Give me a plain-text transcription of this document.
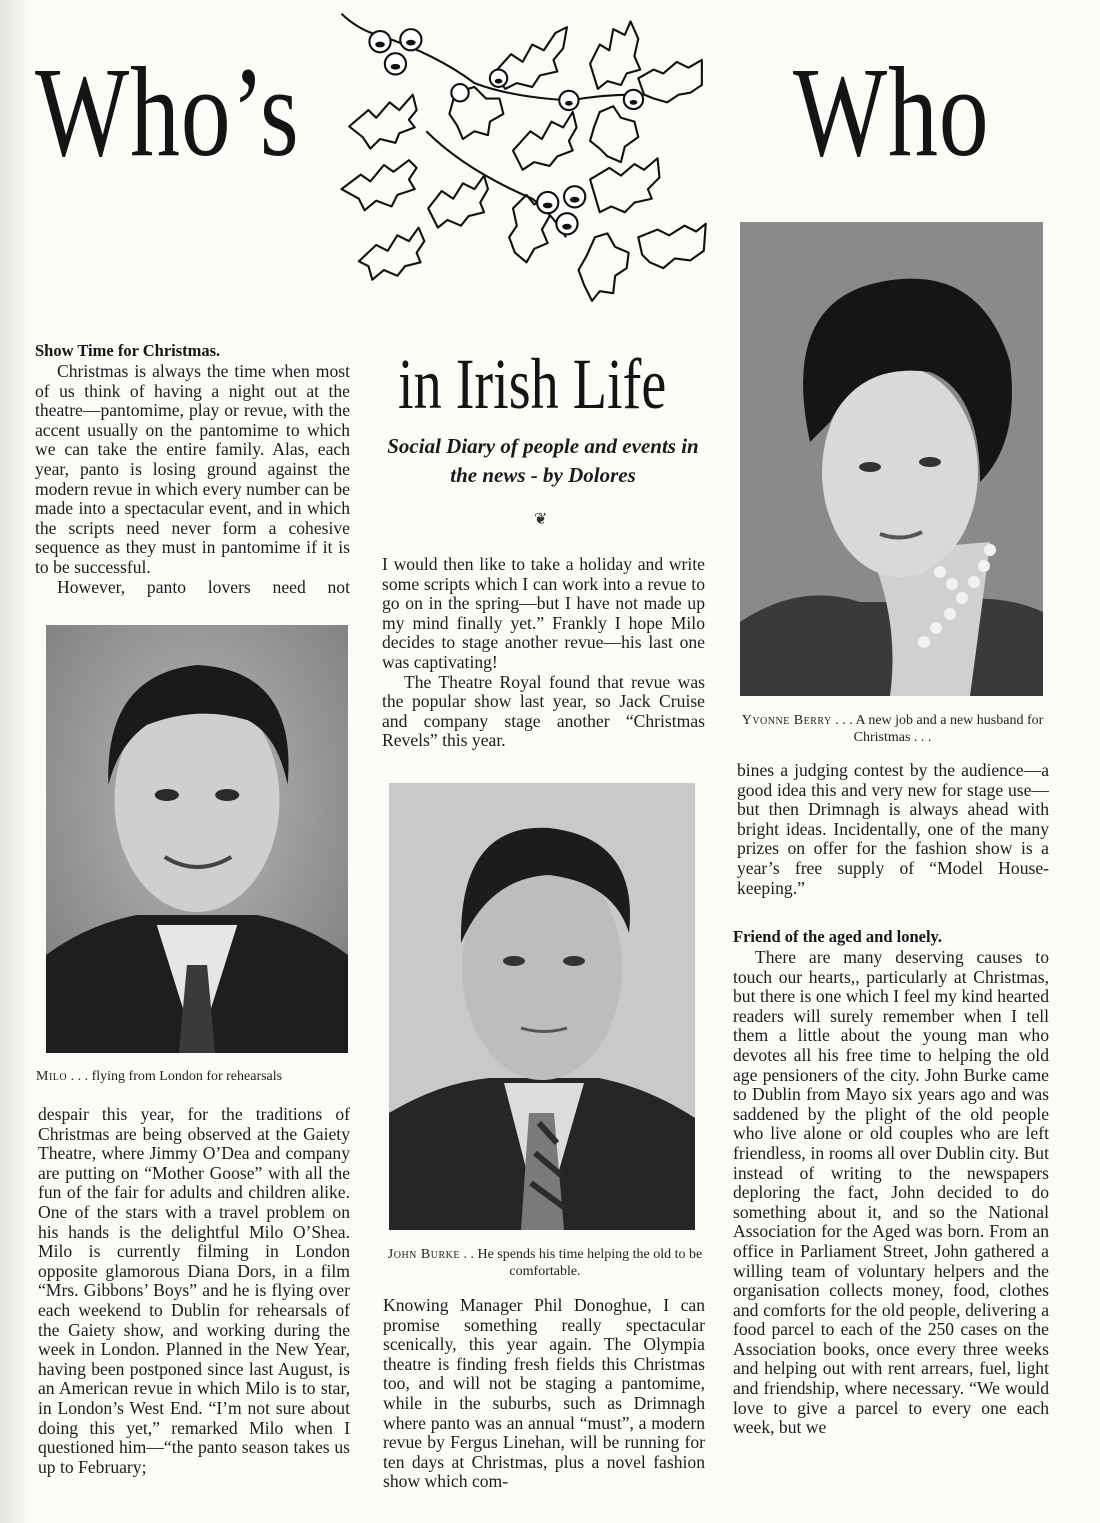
Who’s	Who
in Irish Life
Social Diary of people and events in the news - by Dolores
❦
Show Time for Christmas.

Christmas is always the time when most of us think of having a night out at the theatre—pantomime, play or revue, with the accent usually on the pantomime to which we can take the entire family. Alas, each year, panto is losing ground against the modern revue in which every number can be made into a spectacular event, and in which the scripts need never form a cohesive sequence as they must in pantomime if it is to be successful.

However, panto lovers need not

Milo . . . flying from London for rehearsals

despair this year, for the traditions of Christmas are being observed at the Gaiety Theatre, where Jimmy O’Dea and company are putting on “Mother Goose” with all the fun of the fair for adults and children alike. One of the stars with a travel problem on his hands is the delightful Milo O’Shea. Milo is currently filming in London opposite glamorous Diana Dors, in a film “Mrs. Gibbons’ Boys” and he is flying over each weekend to Dublin for rehearsals of the Gaiety show, and working during the week in London. Planned in the New Year, having been postponed since last August, is an American revue in which Milo is to star, in London’s West End. “I’m not sure about doing this yet,” remarked Milo when I questioned him—“the panto season takes us up to February;

I would then like to take a holiday and write some scripts which I can work into a revue to go on in the spring—but I have not made up my mind finally yet.” Frankly I hope Milo decides to stage another revue—his last one was captivating!

The Theatre Royal found that revue was the popular show last year, so Jack Cruise and company stage another “Christmas Revels” this year.

John Burke . . He spends his time helping the old to be comfortable.

Knowing Manager Phil Donoghue, I can promise something really spectacular scenically, this year again. The Olympia theatre is finding fresh fields this Christmas too, and will not be staging a pantomime, while in the suburbs, such as Drimnagh where panto was an annual “must”, a modern revue by Fergus Linehan, will be running for ten days at Christmas, plus a novel fashion show which com-

Yvonne Berry . . . A new job and a new husband for Christmas . . .

bines a judging contest by the audience—a good idea this and very new for stage use—but then Drimnagh is always ahead with bright ideas. Incidentally, one of the many prizes on offer for the fashion show is a year’s free supply of “Model House-keeping.”

Friend of the aged and lonely.

There are many deserving causes to touch our hearts,, particularly at Christmas, but there is one which I feel my kind hearted readers will surely remember when I tell them a little about the young man who devotes all his free time to helping the old age pensioners of the city. John Burke came to Dublin from Mayo six years ago and was saddened by the plight of the old people who live alone or old couples who are left friendless, in rooms all over Dublin city. But instead of writing to the newspapers deploring the fact, John decided to do something about it, and so the National Association for the Aged was born. From an office in Parliament Street, John gathered a willing team of voluntary helpers and the organisation collects money, food, clothes and comforts for the old people, delivering a food parcel to each of the 250 cases on the Association books, once every three weeks and helping out with rent arrears, fuel, light and friendship, where necessary. “We would love to give a parcel to every one each week, but we
